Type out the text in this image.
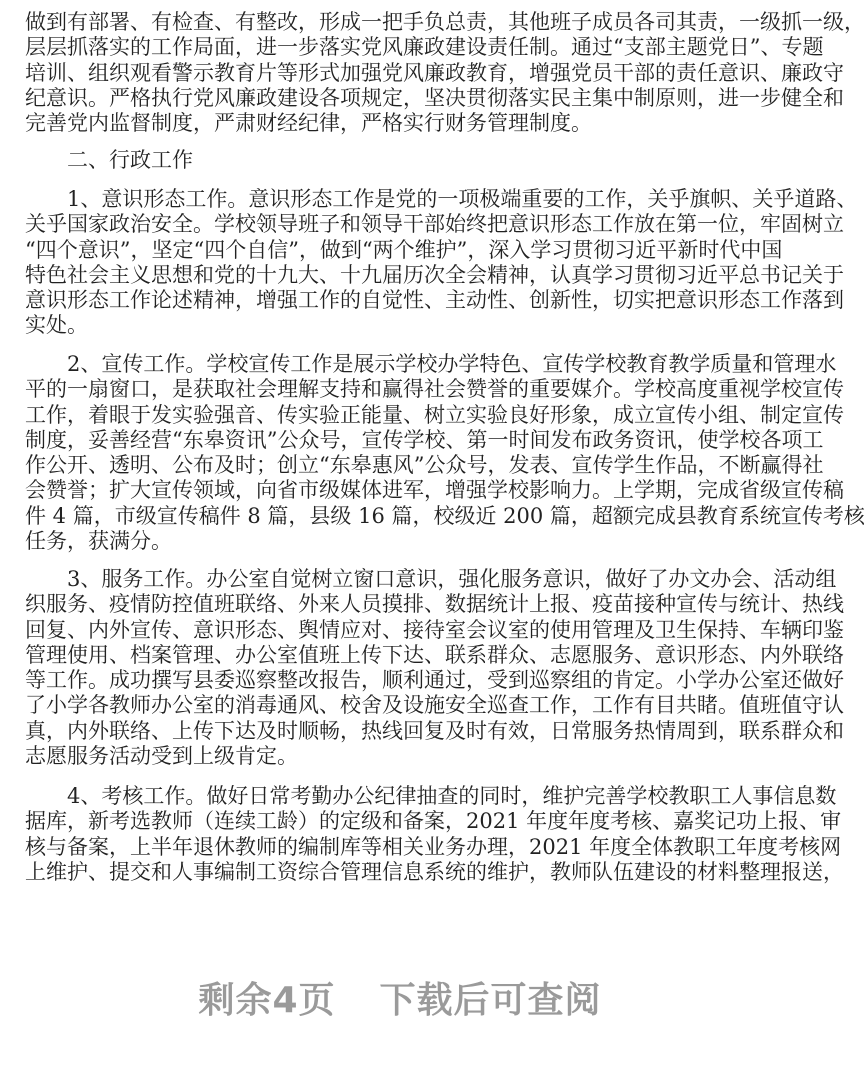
做到有部署、有检查、有整改，形成一把手负总责，其他班子成员各司其责，一级抓一级，
层层抓落实的工作局面，进一步落实党风廉政建设责任制。通过“支部主题党日”、专题
培训、组织观看警示教育片等形式加强党风廉政教育，增强党员干部的责任意识、廉政守
纪意识。严格执行党风廉政建设各项规定，坚决贯彻落实民主集中制原则，进一步健全和
完善党内监督制度，严肃财经纪律，严格实行财务管理制度。
二、行政工作
1、意识形态工作。意识形态工作是党的一项极端重要的工作，关乎旗帜、关乎道路、
关乎国家政治安全。学校领导班子和领导干部始终把意识形态工作放在第一位，牢固树立
“四个意识”，坚定“四个自信”，做到“两个维护”，深入学习贯彻习近平新时代中国
特色社会主义思想和党的十九大、十九届历次全会精神，认真学习贯彻习近平总书记关于
意识形态工作论述精神，增强工作的自觉性、主动性、创新性，切实把意识形态工作落到
实处。
2、宣传工作。学校宣传工作是展示学校办学特色、宣传学校教育教学质量和管理水
平的一扇窗口，是获取社会理解支持和赢得社会赞誉的重要媒介。学校高度重视学校宣传
工作，着眼于发实验强音、传实验正能量、树立实验良好形象，成立宣传小组、制定宣传
制度，妥善经营“东皋资讯”公众号，宣传学校、第一时间发布政务资讯，使学校各项工
作公开、透明、公布及时；创立“东皋惠风”公众号，发表、宣传学生作品，不断赢得社
会赞誉；扩大宣传领域，向省市级媒体进军，增强学校影响力。上学期，完成省级宣传稿
件 4 篇，市级宣传稿件 8 篇，县级 16 篇，校级近 200 篇，超额完成县教育系统宣传考核
任务，获满分。
3、服务工作。办公室自觉树立窗口意识，强化服务意识，做好了办文办会、活动组
织服务、疫情防控值班联络、外来人员摸排、数据统计上报、疫苗接种宣传与统计、热线
回复、内外宣传、意识形态、舆情应对、接待室会议室的使用管理及卫生保持、车辆印鉴
管理使用、档案管理、办公室值班上传下达、联系群众、志愿服务、意识形态、内外联络
等工作。成功撰写县委巡察整改报告，顺利通过，受到巡察组的肯定。小学办公室还做好
了小学各教师办公室的消毒通风、校舍及设施安全巡查工作，工作有目共睹。值班值守认
真，内外联络、上传下达及时顺畅，热线回复及时有效，日常服务热情周到，联系群众和
志愿服务活动受到上级肯定。
4、考核工作。做好日常考勤办公纪律抽查的同时，维护完善学校教职工人事信息数
据库，新考选教师（连续工龄）的定级和备案，2021 年度年度考核、嘉奖记功上报、审
核与备案，上半年退休教师的编制库等相关业务办理，2021 年度全体教职工年度考核网
上维护、提交和人事编制工资综合管理信息系统的维护，教师队伍建设的材料整理报送，
剩余4页 下载后可查阅
